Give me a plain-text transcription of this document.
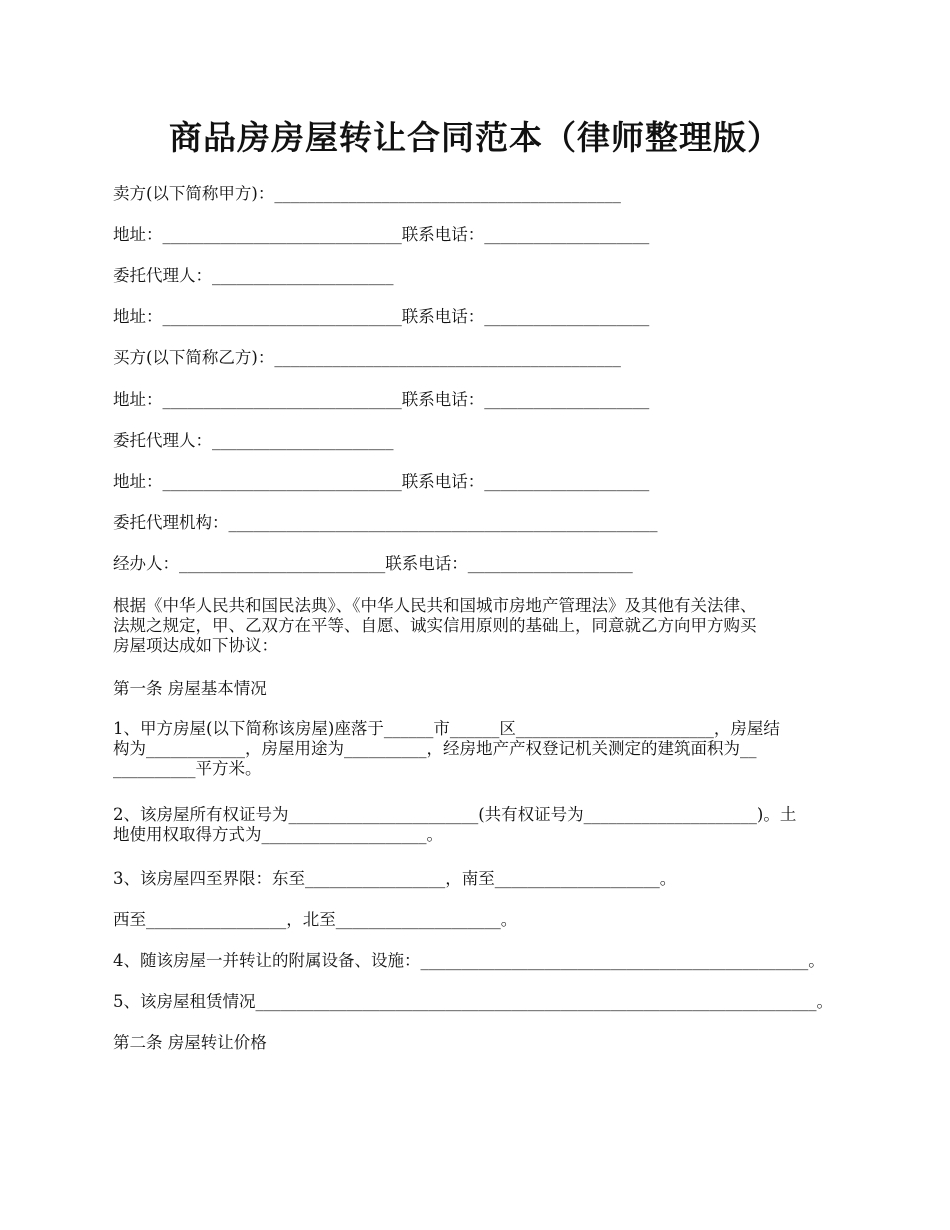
商品房房屋转让合同范本（律师整理版）
卖方(以下简称甲方)：__________________________________________
地址：_____________________________联系电话：____________________
委托代理人：______________________
地址：_____________________________联系电话：____________________
买方(以下简称乙方)：__________________________________________
地址：_____________________________联系电话：____________________
委托代理人：______________________
地址：_____________________________联系电话：____________________
委托代理机构：____________________________________________________
经办人：_________________________联系电话：____________________
根据《中华人民共和国民法典》、《中华人民共和国城市房地产管理法》及其他有关法律、
法规之规定，甲、乙双方在平等、自愿、诚实信用原则的基础上，同意就乙方向甲方购买
房屋项达成如下协议：
第一条 房屋基本情况
1、甲方房屋(以下简称该房屋)座落于______市______区________________________，房屋结
构为____________，房屋用途为__________，经房地产产权登记机关测定的建筑面积为__
__________平方米。
2、该房屋所有权证号为_______________________(共有权证号为_____________________)。土
地使用权取得方式为____________________。
3、该房屋四至界限：东至_________________，南至____________________。
西至_________________，北至____________________。
4、随该房屋一并转让的附属设备、设施：_______________________________________________。
5、该房屋租赁情况____________________________________________________________________。
第二条 房屋转让价格
